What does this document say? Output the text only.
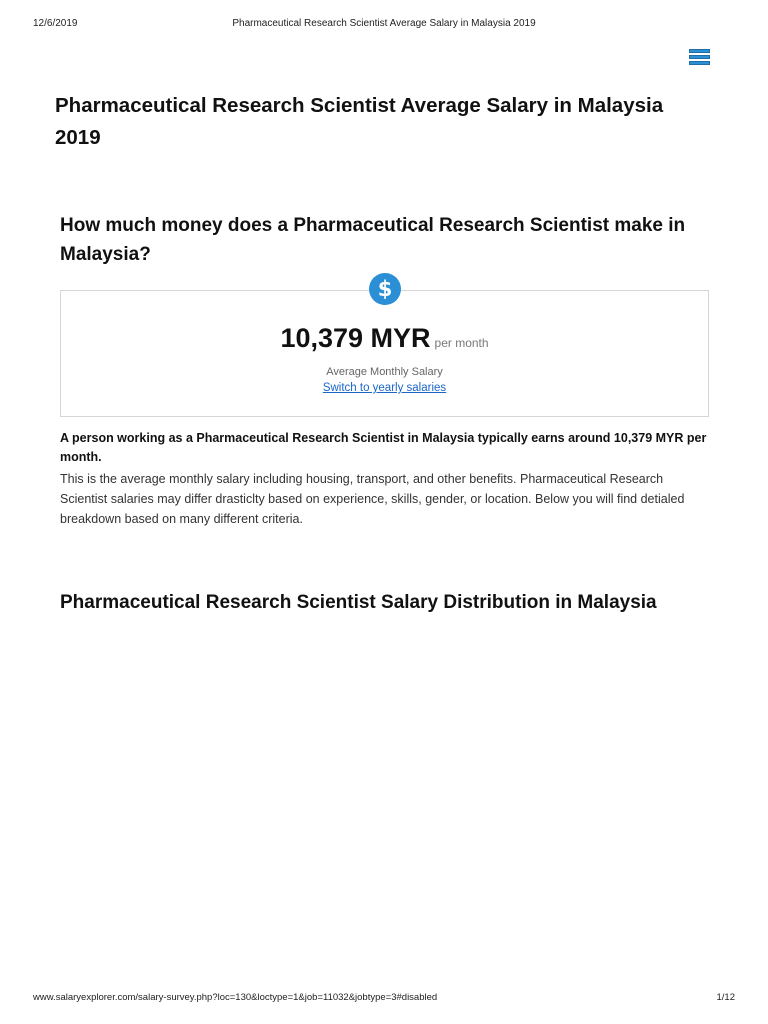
12/6/2019	Pharmaceutical Research Scientist Average Salary in Malaysia 2019
Pharmaceutical Research Scientist Average Salary in Malaysia 2019
How much money does a Pharmaceutical Research Scientist make in Malaysia?
$
10,379 MYR per month
Average Monthly Salary
Switch to yearly salaries

A person working as a Pharmaceutical Research Scientist in Malaysia typically earns around 10,379 MYR per month.

This is the average monthly salary including housing, transport, and other benefits. Pharmaceutical Research Scientist salaries may differ drasticlty based on experience, skills, gender, or location. Below you will find detialed breakdown based on many different criteria.

Pharmaceutical Research Scientist Salary Distribution in Malaysia
www.salaryexplorer.com/salary-survey.php?loc=130&loctype=1&job=11032&jobtype=3#disabled	1/12
